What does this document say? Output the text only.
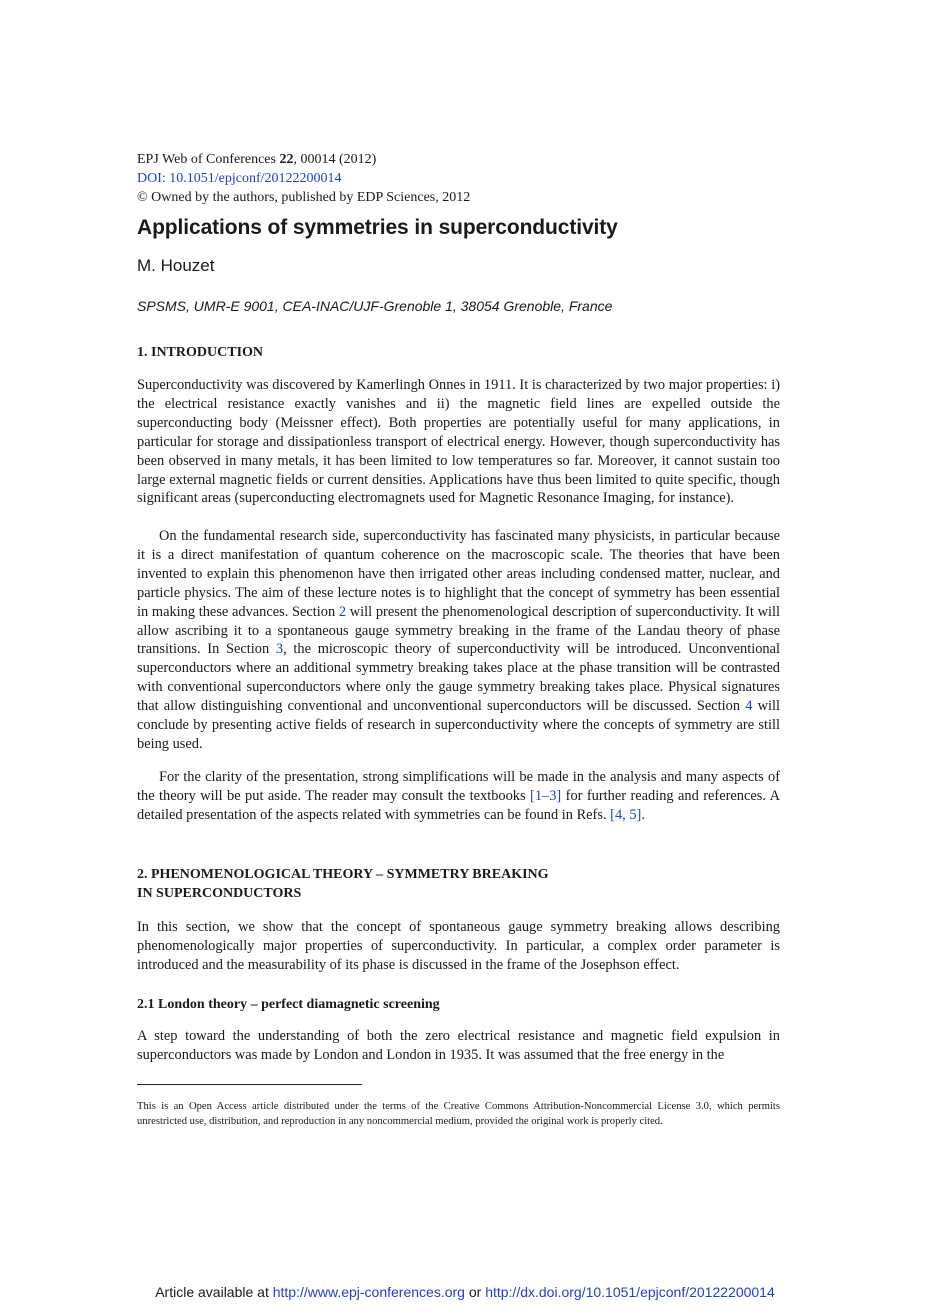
EPJ Web of Conferences 22, 00014 (2012)
DOI: 10.1051/epjconf/20122200014
© Owned by the authors, published by EDP Sciences, 2012
Applications of symmetries in superconductivity
M. Houzet
SPSMS, UMR-E 9001, CEA-INAC/UJF-Grenoble 1, 38054 Grenoble, France
1. INTRODUCTION
Superconductivity was discovered by Kamerlingh Onnes in 1911. It is characterized by two major properties: i) the electrical resistance exactly vanishes and ii) the magnetic field lines are expelled outside the superconducting body (Meissner effect). Both properties are potentially useful for many applications, in particular for storage and dissipationless transport of electrical energy. However, though superconductivity has been observed in many metals, it has been limited to low temperatures so far. Moreover, it cannot sustain too large external magnetic fields or current densities. Applications have thus been limited to quite specific, though significant areas (superconducting electromagnets used for Magnetic Resonance Imaging, for instance).
On the fundamental research side, superconductivity has fascinated many physicists, in particular because it is a direct manifestation of quantum coherence on the macroscopic scale. The theories that have been invented to explain this phenomenon have then irrigated other areas including condensed matter, nuclear, and particle physics. The aim of these lecture notes is to highlight that the concept of symmetry has been essential in making these advances. Section 2 will present the phenomenological description of superconductivity. It will allow ascribing it to a spontaneous gauge symmetry breaking in the frame of the Landau theory of phase transitions. In Section 3, the microscopic theory of superconductivity will be introduced. Unconventional superconductors where an additional symmetry breaking takes place at the phase transition will be contrasted with conventional superconductors where only the gauge symmetry breaking takes place. Physical signatures that allow distinguishing conventional and unconventional superconductors will be discussed. Section 4 will conclude by presenting active fields of research in superconductivity where the concepts of symmetry are still being used.
For the clarity of the presentation, strong simplifications will be made in the analysis and many aspects of the theory will be put aside. The reader may consult the textbooks [1–3] for further reading and references. A detailed presentation of the aspects related with symmetries can be found in Refs. [4, 5].
2. PHENOMENOLOGICAL THEORY – SYMMETRY BREAKING
IN SUPERCONDUCTORS
In this section, we show that the concept of spontaneous gauge symmetry breaking allows describing phenomenologically major properties of superconductivity. In particular, a complex order parameter is introduced and the measurability of its phase is discussed in the frame of the Josephson effect.
2.1 London theory – perfect diamagnetic screening
A step toward the understanding of both the zero electrical resistance and magnetic field expulsion in superconductors was made by London and London in 1935. It was assumed that the free energy in the
This is an Open Access article distributed under the terms of the Creative Commons Attribution-Noncommercial License 3.0, which permits unrestricted use, distribution, and reproduction in any noncommercial medium, provided the original work is properly cited.
Article available at http://www.epj-conferences.org or http://dx.doi.org/10.1051/epjconf/20122200014
